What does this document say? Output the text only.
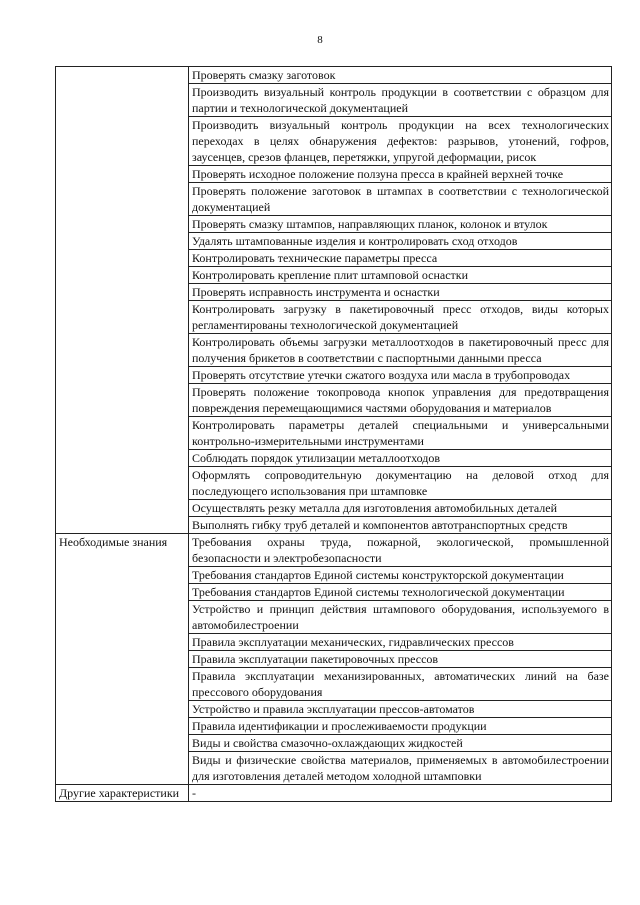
8
	Проверять смазку заготовок
	Производить визуальный контроль продукции в соответствии с образцом для партии и технологической документацией
	Производить визуальный контроль продукции на всех технологических переходах в целях обнаружения дефектов: разрывов, утонений, гофров, заусенцев, срезов фланцев, перетяжки, упругой деформации, рисок
	Проверять исходное положение ползуна пресса в крайней верхней точке
	Проверять положение заготовок в штампах в соответствии с технологической документацией
	Проверять смазку штампов, направляющих планок, колонок и втулок
	Удалять штампованные изделия и контролировать сход отходов
	Контролировать технические параметры пресса
	Контролировать крепление плит штамповой оснастки
	Проверять исправность инструмента и оснастки
	Контролировать загрузку в пакетировочный пресс отходов, виды которых регламентированы технологической документацией
	Контролировать объемы загрузки металлоотходов в пакетировочный пресс для получения брикетов в соответствии с паспортными данными пресса
	Проверять отсутствие утечки сжатого воздуха или масла в трубопроводах
	Проверять положение токопровода кнопок управления для предотвращения повреждения перемещающимися частями оборудования и материалов
	Контролировать параметры деталей специальными и универсальными контрольно-измерительными инструментами
	Соблюдать порядок утилизации металлоотходов
	Оформлять сопроводительную документацию на деловой отход для последующего использования при штамповке
	Осуществлять резку металла для изготовления автомобильных деталей
	Выполнять гибку труб деталей и компонентов автотранспортных средств
Необходимые знания	Требования охраны труда, пожарной, экологической, промышленной безопасности и электробезопасности
	Требования стандартов Единой системы конструкторской документации
	Требования стандартов Единой системы технологической документации
	Устройство и принцип действия штампового оборудования, используемого в автомобилестроении
	Правила эксплуатации механических, гидравлических прессов
	Правила эксплуатации пакетировочных прессов
	Правила эксплуатации механизированных, автоматических линий на базе прессового оборудования
	Устройство и правила эксплуатации прессов-автоматов
	Правила идентификации и прослеживаемости продукции
	Виды и свойства смазочно-охлаждающих жидкостей
	Виды и физические свойства материалов, применяемых в автомобилестроении для изготовления деталей методом холодной штамповки
Другие характеристики	-
